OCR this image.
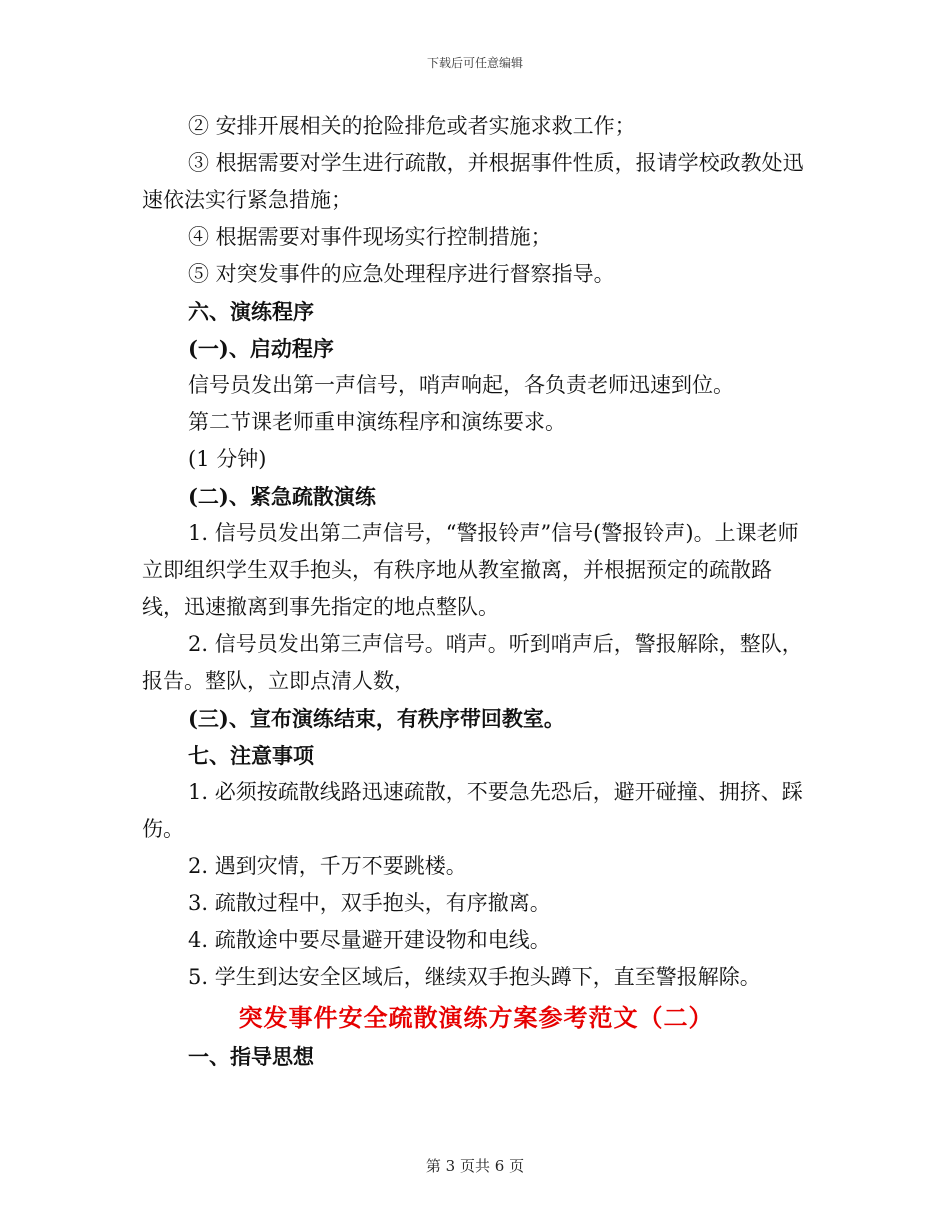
下载后可任意编辑

② 安排开展相关的抢险排危或者实施求救工作；

③ 根据需要对学生进行疏散，并根据事件性质，报请学校政教处迅速依法实行紧急措施；

④ 根据需要对事件现场实行控制措施；

⑤ 对突发事件的应急处理程序进行督察指导。

六、演练程序

(一)、启动程序

信号员发出第一声信号，哨声响起，各负责老师迅速到位。

第二节课老师重申演练程序和演练要求。

(1 分钟)

(二)、紧急疏散演练

1. 信号员发出第二声信号，“警报铃声”信号(警报铃声)。上课老师立即组织学生双手抱头，有秩序地从教室撤离，并根据预定的疏散路线，迅速撤离到事先指定的地点整队。

2. 信号员发出第三声信号。哨声。听到哨声后，警报解除，整队，报告。整队，立即点清人数，

(三)、宣布演练结束，有秩序带回教室。

七、注意事项

1. 必须按疏散线路迅速疏散，不要急先恐后，避开碰撞、拥挤、踩伤。

2. 遇到灾情，千万不要跳楼。

3. 疏散过程中，双手抱头，有序撤离。

4. 疏散途中要尽量避开建设物和电线。

5. 学生到达安全区域后，继续双手抱头蹲下，直至警报解除。

突发事件安全疏散演练方案参考范文（二）

一、指导思想

第 3 页共 6 页
